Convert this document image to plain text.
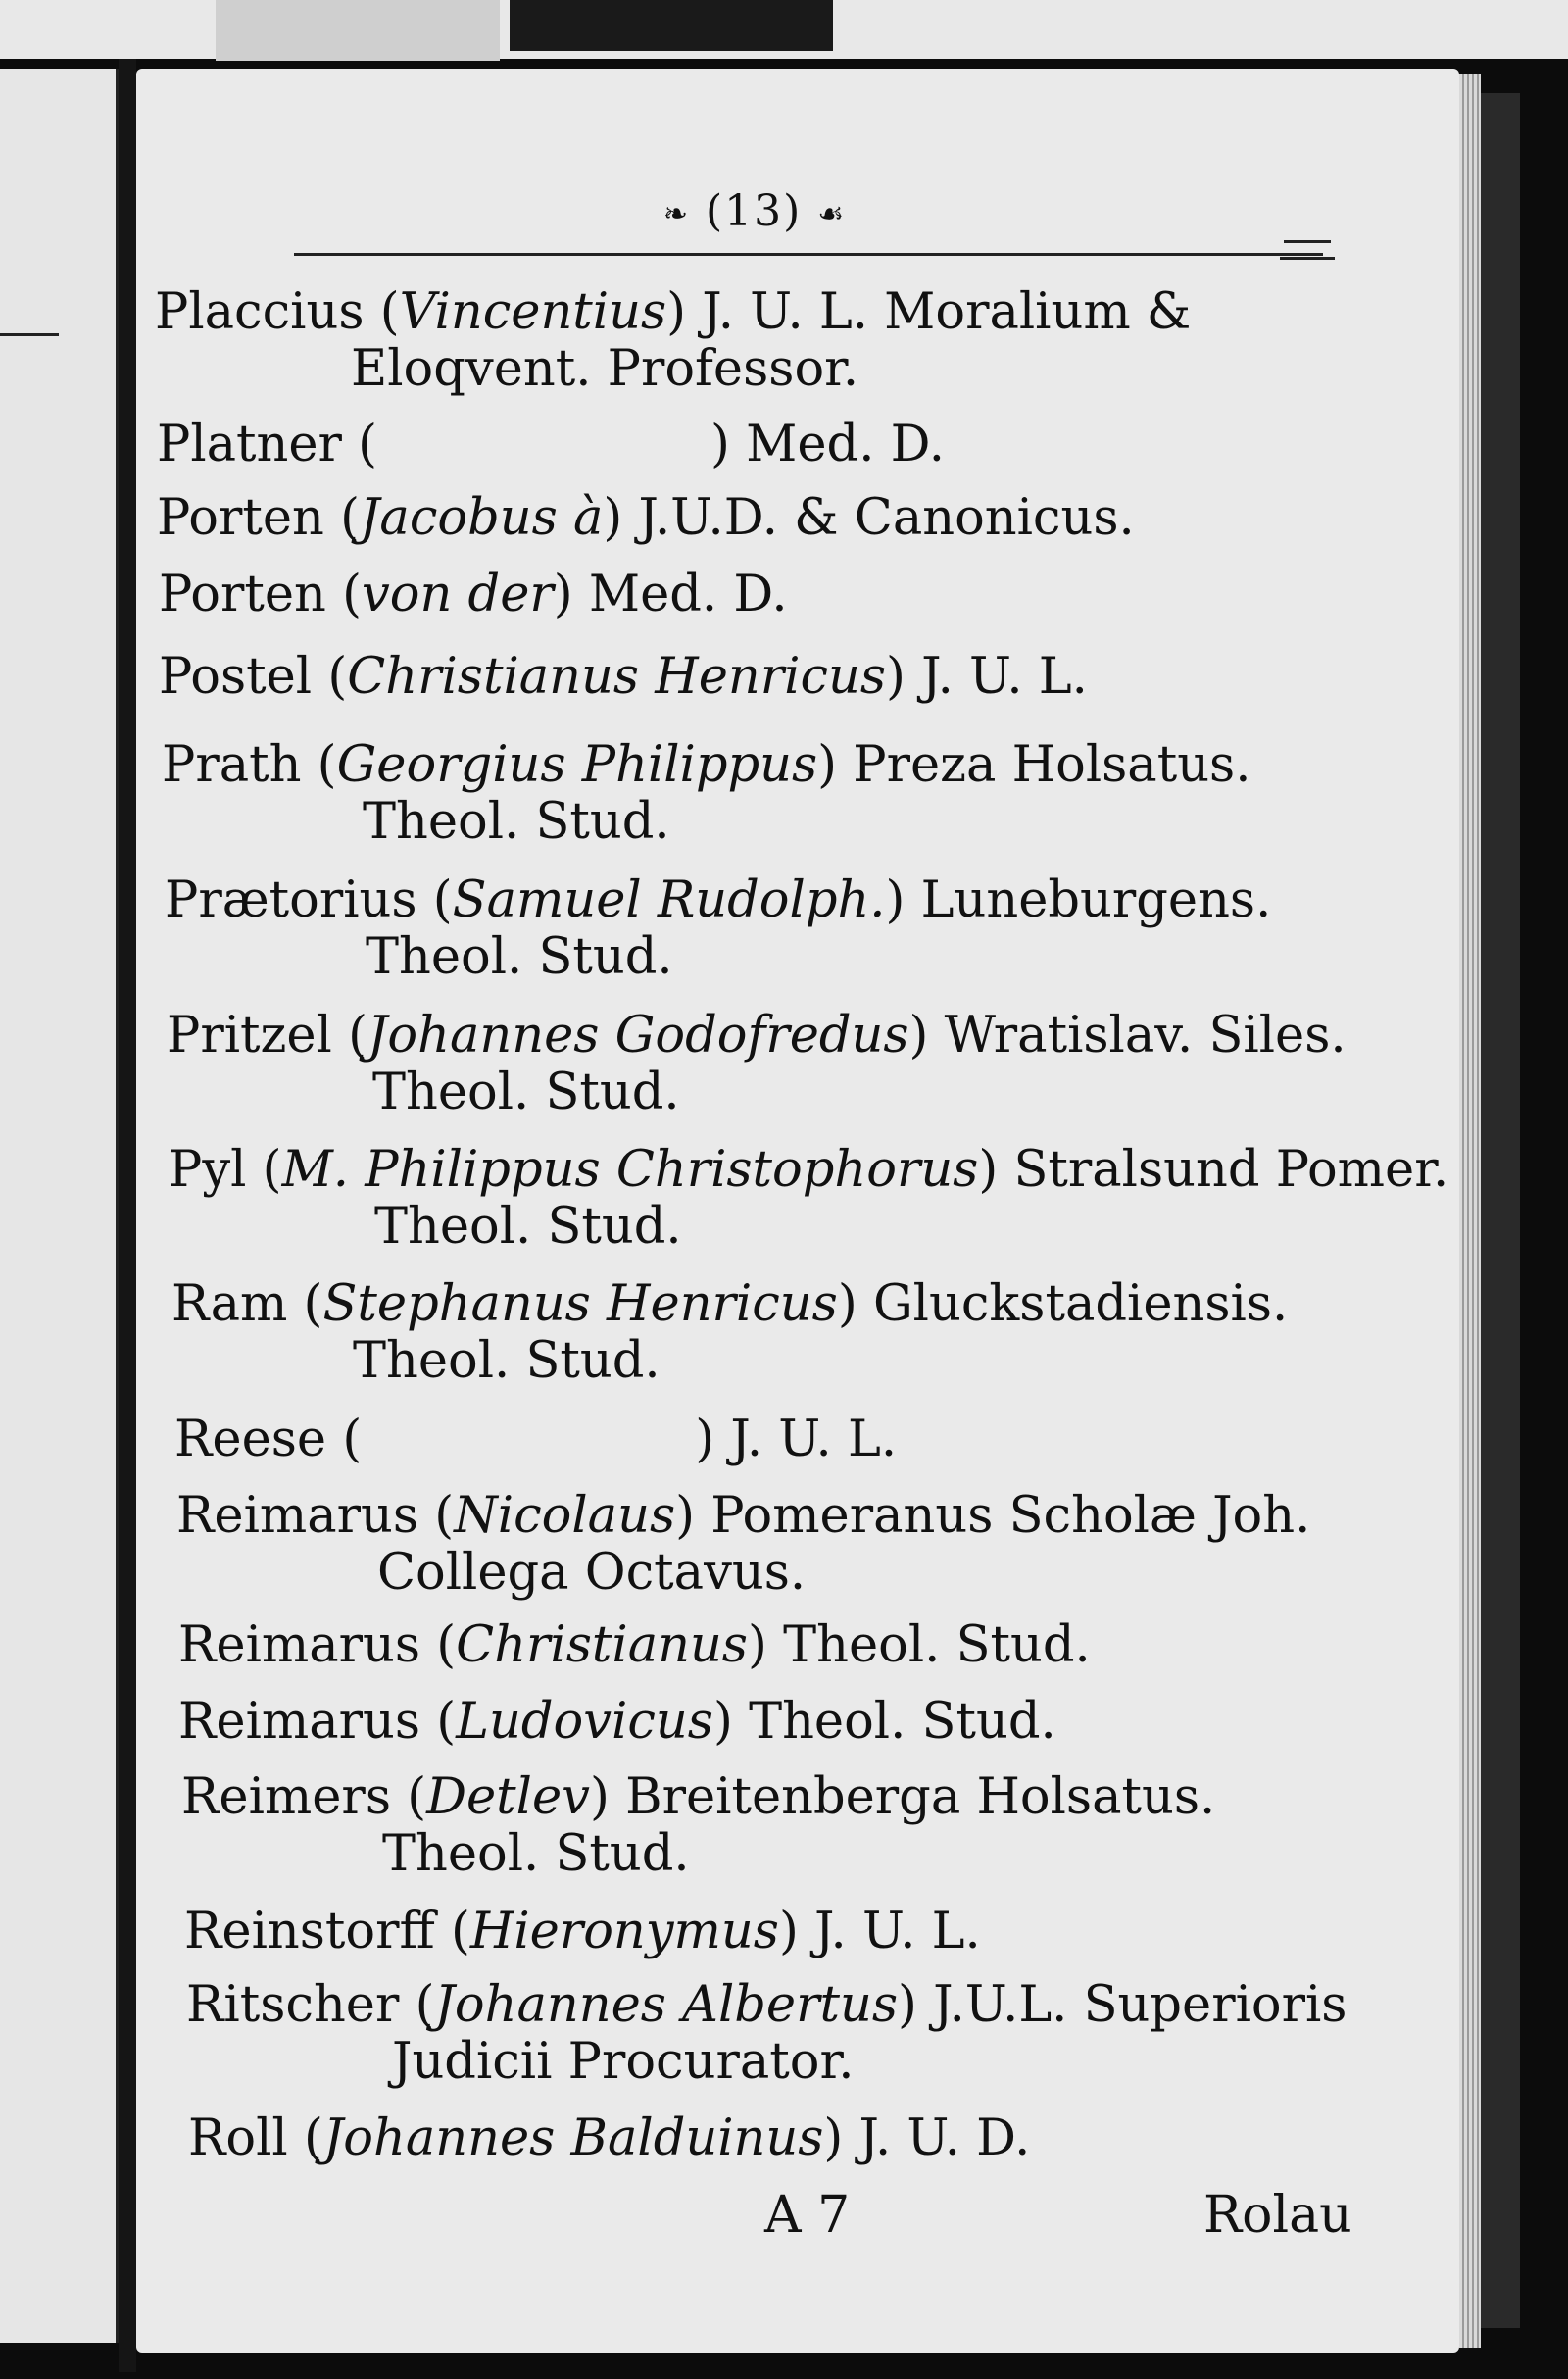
❧ (13) ☙
Placcius (Vincentius) J. U. L. Moralium &
Eloqvent. Professor.
Platner (	) Med. D.
Porten (Jacobus à) J.U.D. & Canonicus.
Porten (von der) Med. D.
Postel (Christianus Henricus) J. U. L.
Prath (Georgius Philippus) Preza Holsatus.
Theol. Stud.
Prætorius (Samuel Rudolph.) Luneburgens.
Theol. Stud.
Pritzel (Johannes Godofredus) Wratislav. Siles.
Theol. Stud.
Pyl (M. Philippus Christophorus) Stralsund Pomer.
Theol. Stud.
Ram (Stephanus Henricus) Gluckstadiensis.
Theol. Stud.
Reese (	) J. U. L.
Reimarus (Nicolaus) Pomeranus Scholæ Joh.
Collega Octavus.
Reimarus (Christianus) Theol. Stud.
Reimarus (Ludovicus) Theol. Stud.
Reimers (Detlev) Breitenberga Holsatus.
Theol. Stud.
Reinstorff (Hieronymus) J. U. L.
Ritscher (Johannes Albertus) J.U.L. Superioris
Judicii Procurator.
Roll (Johannes Balduinus) J. U. D.
A 7	Rolau
